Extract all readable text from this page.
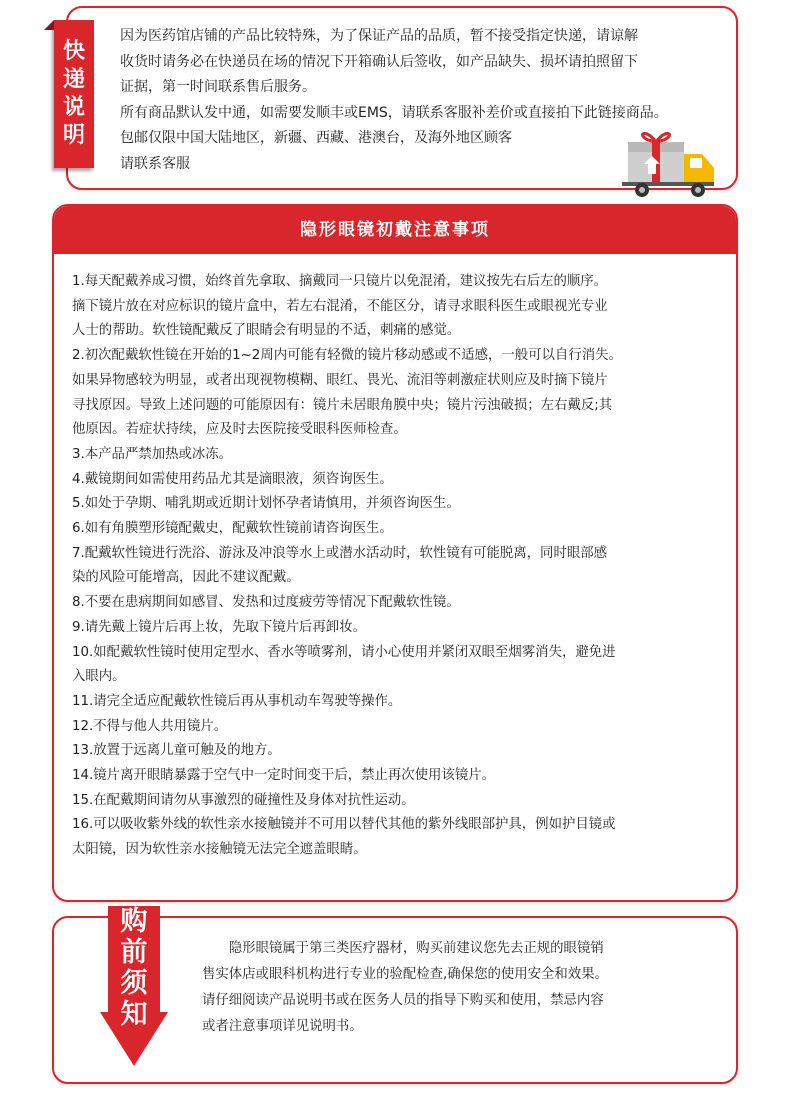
因为医药馆店铺的产品比较特殊，为了保证产品的品质，暂不接受指定快递，请谅解

收货时请务必在快递员在场的情况下开箱确认后签收，如产品缺失、损坏请拍照留下

证据，第一时间联系售后服务。

所有商品默认发中通，如需要发顺丰或EMS，请联系客服补差价或直接拍下此链接商品。

包邮仅限中国大陆地区，新疆、西藏、港澳台，及海外地区顾客

请联系客服

快
递
说
明
隐形眼镜初戴注意事项

1.每天配戴养成习惯，始终首先拿取、摘戴同一只镜片以免混淆，建议按先右后左的顺序。

摘下镜片放在对应标识的镜片盒中，若左右混淆，不能区分，请寻求眼科医生或眼视光专业

人士的帮助。软性镜配戴反了眼睛会有明显的不适，刺痛的感觉。

2.初次配戴软性镜在开始的1~2周内可能有轻微的镜片移动感或不适感，一般可以自行消失。

如果异物感较为明显，或者出现视物模糊、眼红、畏光、流泪等刺激症状则应及时摘下镜片

寻找原因。导致上述问题的可能原因有：镜片未居眼角膜中央；镜片污浊破损；左右戴反;其

他原因。若症状持续，应及时去医院接受眼科医师检查。

3.本产品严禁加热或冰冻。

4.戴镜期间如需使用药品尤其是滴眼液，须咨询医生。

5.如处于孕期、哺乳期或近期计划怀孕者请慎用，并须咨询医生。

6.如有角膜塑形镜配戴史，配戴软性镜前请咨询医生。

7.配戴软性镜进行洗浴、游泳及冲浪等水上或潜水活动时，软性镜有可能脱离，同时眼部感

染的风险可能增高，因此不建议配戴。

8.不要在患病期间如感冒、发热和过度疲劳等情况下配戴软性镜。

9.请先戴上镜片后再上妆，先取下镜片后再卸妆。

10.如配戴软性镜时使用定型水、香水等喷雾剂，请小心使用并紧闭双眼至烟雾消失，避免进

入眼内。

11.请完全适应配戴软性镜后再从事机动车驾驶等操作。

12.不得与他人共用镜片。

13.放置于远离儿童可触及的地方。

14.镜片离开眼睛暴露于空气中一定时间变干后，禁止再次使用该镜片。

15.在配戴期间请勿从事激烈的碰撞性及身体对抗性运动。

16.可以吸收紫外线的软性亲水接触镜并不可用以替代其他的紫外线眼部护具，例如护目镜或

太阳镜，因为软性亲水接触镜无法完全遮盖眼睛。

隐形眼镜属于第三类医疗器材，购买前建议您先去正规的眼镜销

售实体店或眼科机构进行专业的验配检查,确保您的使用安全和效果。

请仔细阅读产品说明书或在医务人员的指导下购买和使用，禁忌内容

或者注意事项详见说明书。

购
前
须
知
